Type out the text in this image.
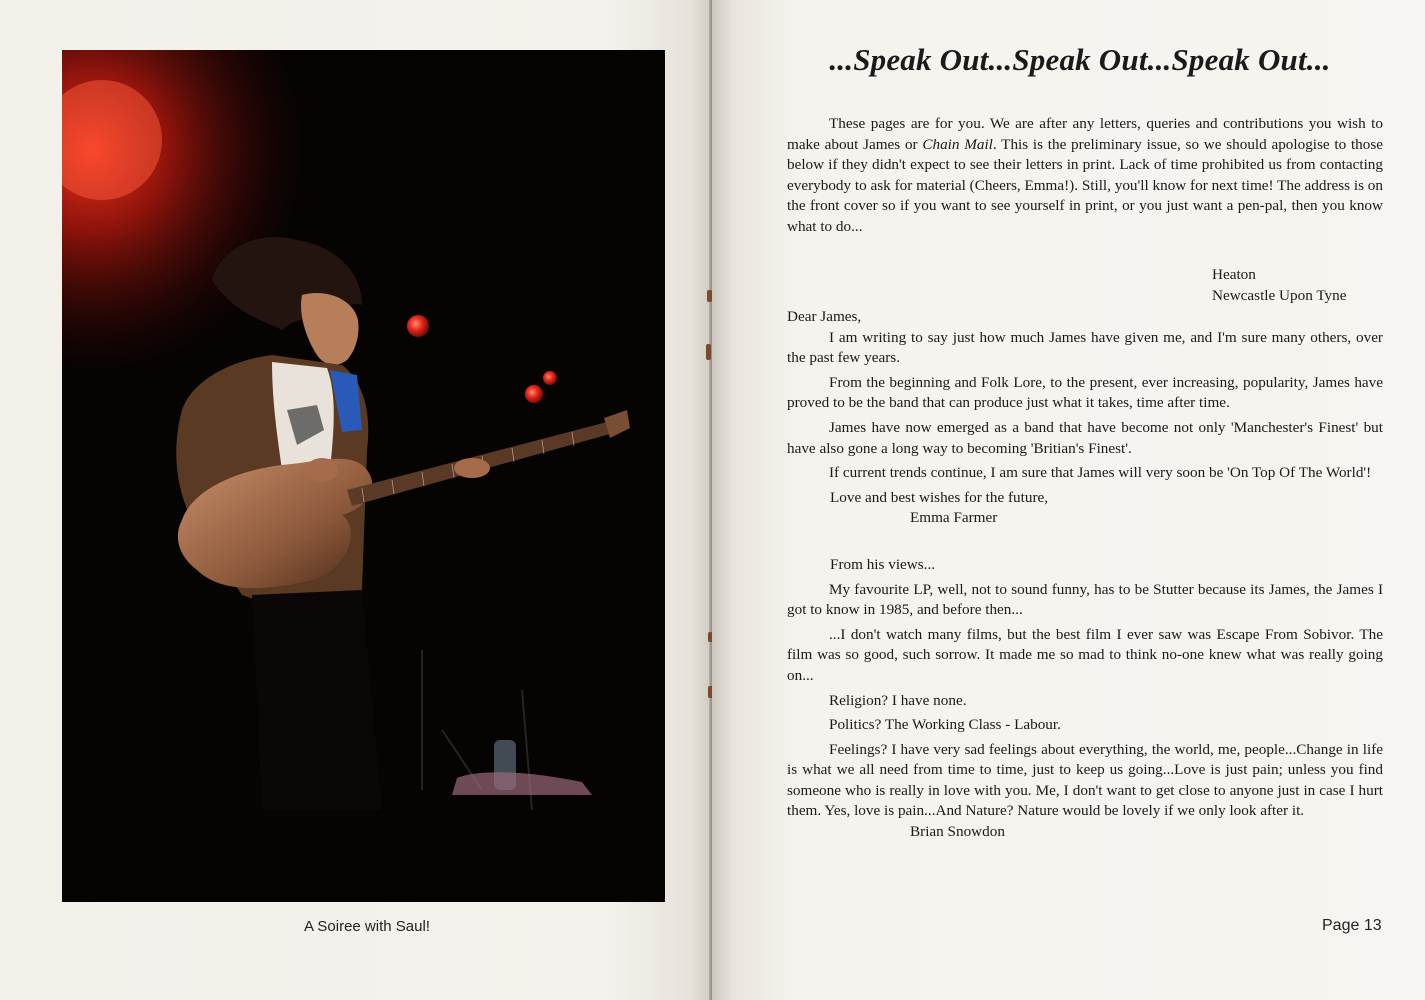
A Soiree with Saul!
...Speak Out...Speak Out...Speak Out...

These pages are for you. We are after any letters, queries and contributions you wish to make about James or Chain Mail. This is the preliminary issue, so we should apologise to those below if they didn't expect to see their letters in print. Lack of time prohibited us from contacting everybody to ask for material (Cheers, Emma!). Still, you'll know for next time! The address is on the front cover so if you want to see yourself in print, or you just want a pen-pal, then you know what to do...

Heaton
Newcastle Upon Tyne

Dear James,

I am writing to say just how much James have given me, and I'm sure many others, over the past few years.

From the beginning and Folk Lore, to the present, ever increasing, popularity, James have proved to be the band that can produce just what it takes, time after time.

James have now emerged as a band that have become not only 'Manchester's Finest' but have also gone a long way to becoming 'Britian's Finest'.

If current trends continue, I am sure that James will very soon be 'On Top Of The World'!

Love and best wishes for the future,

Emma Farmer

From his views...

My favourite LP, well, not to sound funny, has to be Stutter because its James, the James I got to know in 1985, and before then...

...I don't watch many films, but the best film I ever saw was Escape From Sobivor. The film was so good, such sorrow. It made me so mad to think no-one knew what was really going on...

Religion? I have none.

Politics? The Working Class - Labour.

Feelings? I have very sad feelings about everything, the world, me, people...Change in life is what we all need from time to time, just to keep us going...Love is just pain; unless you find someone who is really in love with you. Me, I don't want to get close to anyone just in case I hurt them. Yes, love is pain...And Nature? Nature would be lovely if we only look after it.

Brian Snowdon

Page 13
